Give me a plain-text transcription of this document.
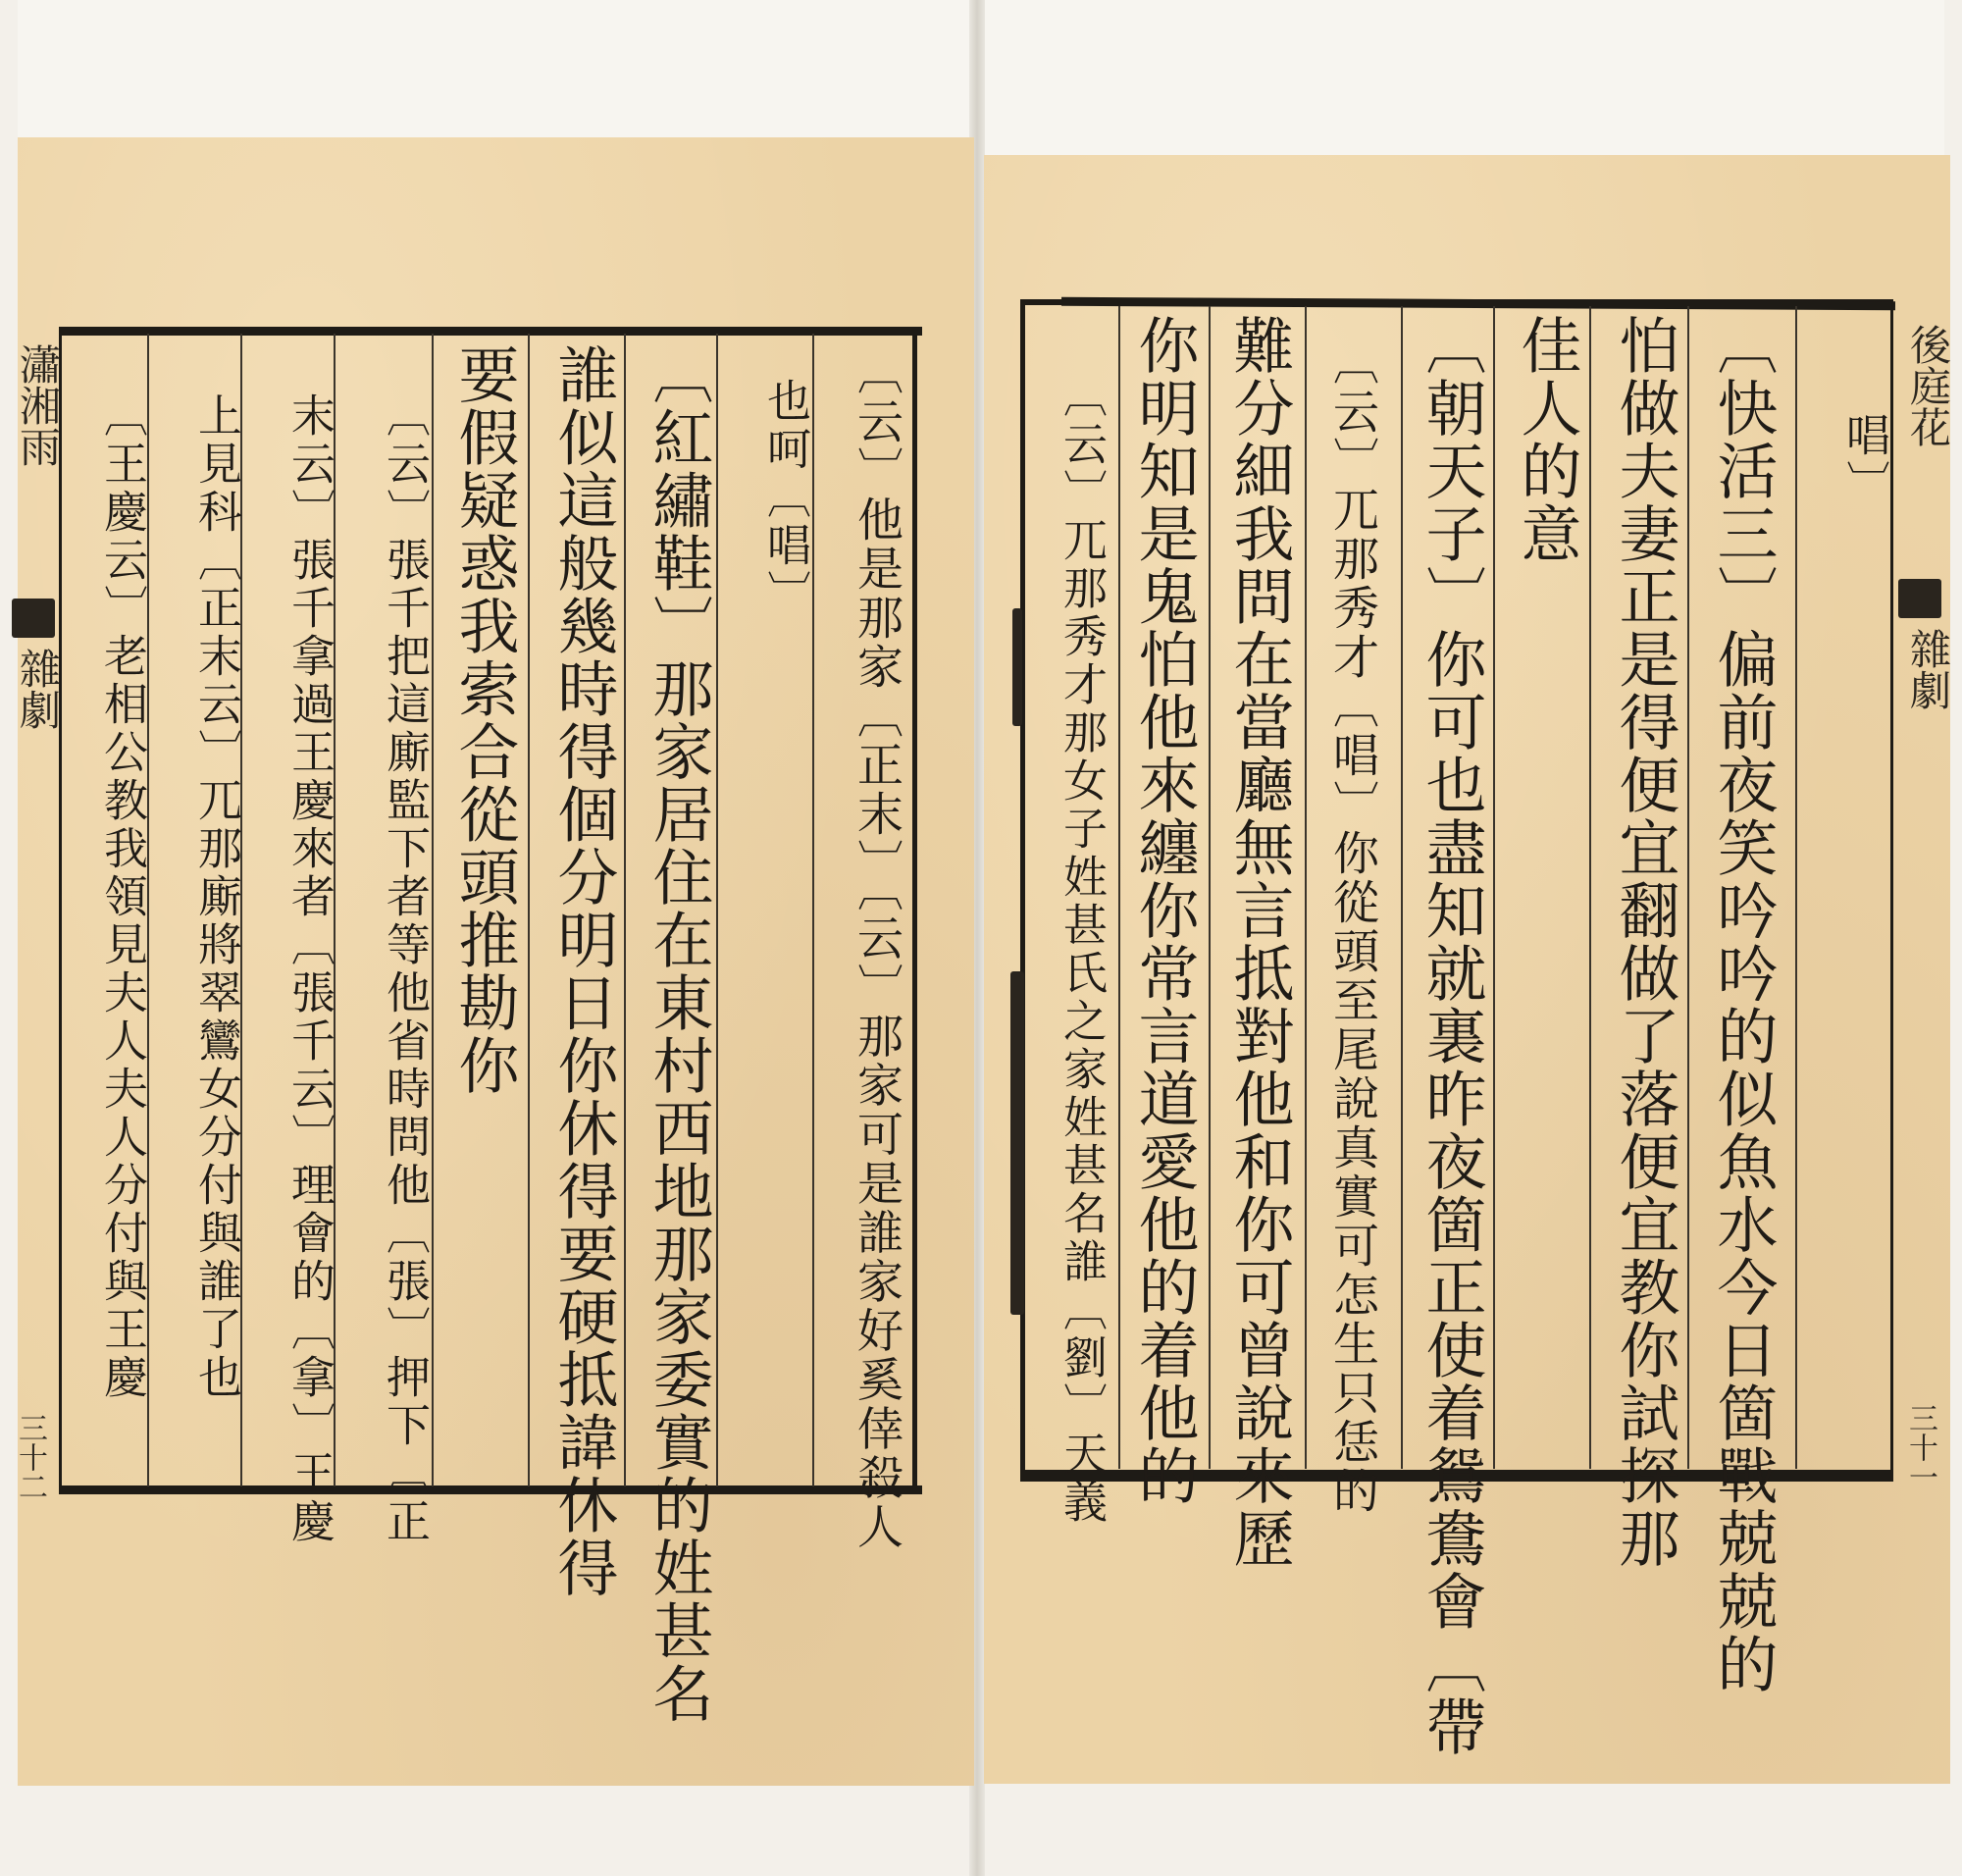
瀟湘雨
雜劇
三十二	〔云〕他是那家〔正末〕〔云〕那家可是誰家好奚倖殺人
也呵〔唱〕
〔紅繡鞋〕那家居住在東村西地那家委實的姓甚名
誰似這般幾時得個分明日你休得要硬抵諱休得
要假疑惑我索合從頭推勘你
〔云〕張千把這廝監下者等他省時問他〔張〕押下〔正
末云〕張千拿過王慶來者〔張千云〕理會的〔拿〕王慶
上見科〔正末云〕兀那廝將翠鸞女分付與誰了也
〔王慶云〕老相公教我領見夫人夫人分付與王慶
後庭花
雜劇
三十一
唱〕
〔快活三〕偏前夜笑吟吟的似魚水今日箇戰兢兢的
怕做夫妻正是得便宜翻做了落便宜教你試探那
佳人的意
〔朝天子〕你可也盡知就裏昨夜箇正使着鴛鴦會〔帶
〔云〕兀那秀才〔唱〕你從頭至尾說真實可怎生只恁的
難分細我問在當廳無言抵對他和你可曾說來歷
你明知是鬼怕他來纏你常言道愛他的着他的
〔云〕兀那秀才那女子姓甚氏之家姓甚名誰〔劉〕天義
